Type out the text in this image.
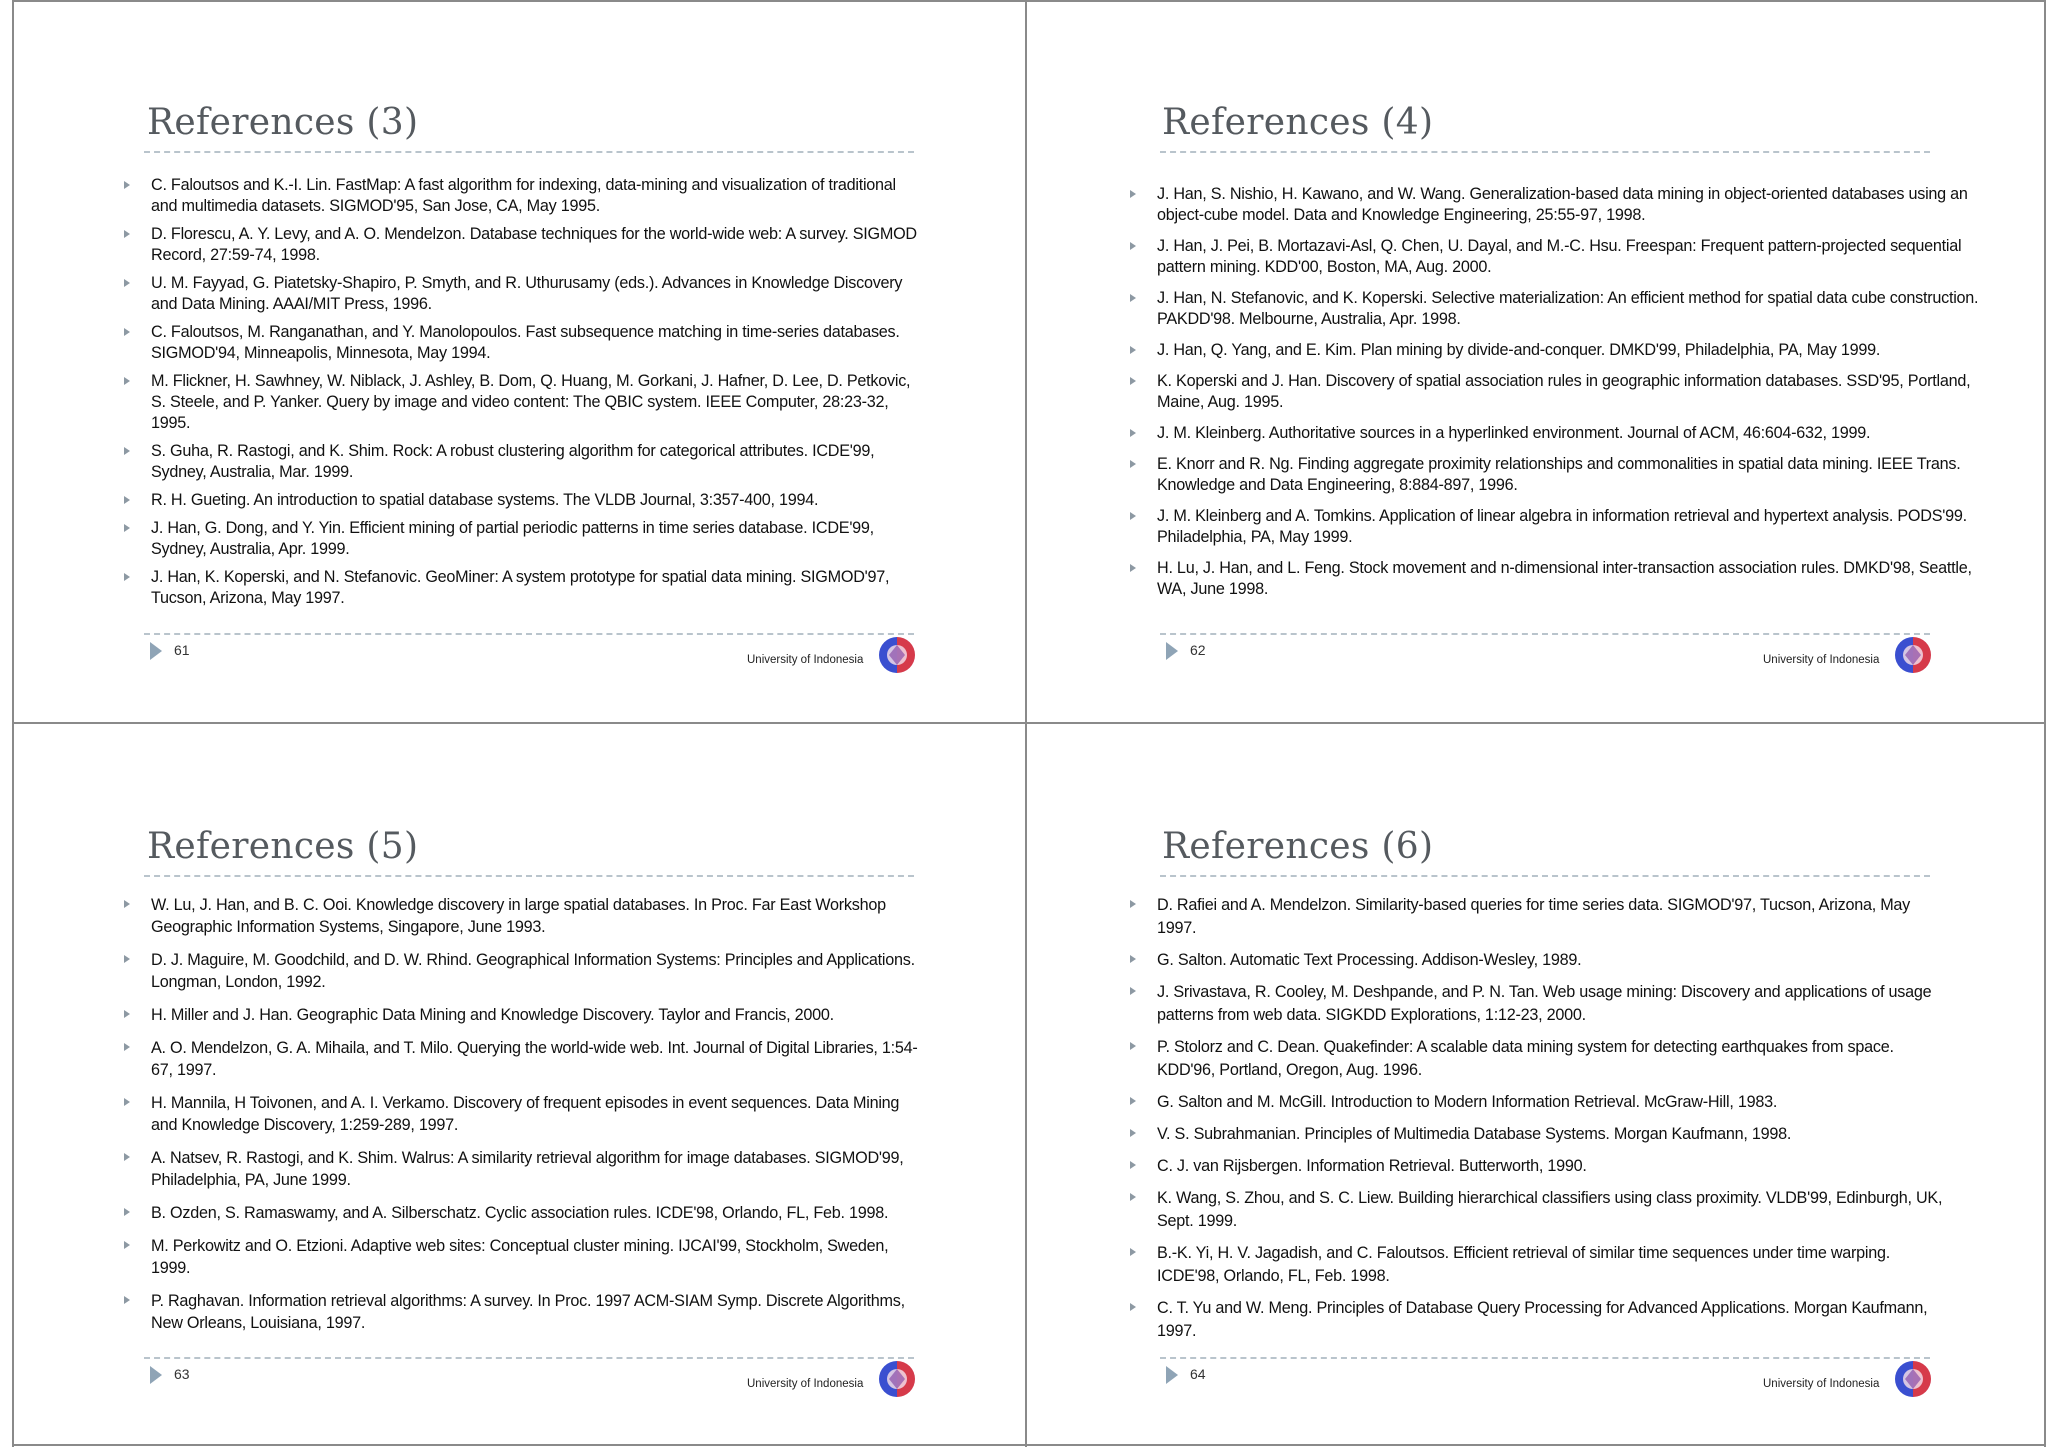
References (3)
C. Faloutsos and K.-I. Lin. FastMap: A fast algorithm for indexing, data-mining and visualization of traditional and multimedia datasets. SIGMOD'95, San Jose, CA, May 1995.
D. Florescu, A. Y. Levy, and A. O. Mendelzon. Database techniques for the world-wide web: A survey. SIGMOD Record, 27:59-74, 1998.
U. M. Fayyad, G. Piatetsky-Shapiro, P. Smyth, and R. Uthurusamy (eds.). Advances in Knowledge Discovery and Data Mining. AAAI/MIT Press, 1996.
C. Faloutsos, M. Ranganathan, and Y. Manolopoulos. Fast subsequence matching in time-series databases. SIGMOD'94, Minneapolis, Minnesota, May 1994.
M. Flickner, H. Sawhney, W. Niblack, J. Ashley, B. Dom, Q. Huang, M. Gorkani, J. Hafner, D. Lee, D. Petkovic, S. Steele, and P. Yanker. Query by image and video content: The QBIC system. IEEE Computer, 28:23-32, 1995.
S. Guha, R. Rastogi, and K. Shim. Rock: A robust clustering algorithm for categorical attributes. ICDE'99, Sydney, Australia, Mar. 1999.
R. H. Gueting. An introduction to spatial database systems. The VLDB Journal, 3:357-400, 1994.
J. Han, G. Dong, and Y. Yin. Efficient mining of partial periodic patterns in time series database. ICDE'99, Sydney, Australia, Apr. 1999.
J. Han, K. Koperski, and N. Stefanovic. GeoMiner: A system prototype for spatial data mining. SIGMOD'97, Tucson, Arizona, May 1997.
61
University of Indonesia
References (4)
J. Han, S. Nishio, H. Kawano, and W. Wang. Generalization-based data mining in object-oriented databases using an object-cube model. Data and Knowledge Engineering, 25:55-97, 1998.
J. Han, J. Pei, B. Mortazavi-Asl, Q. Chen, U. Dayal, and M.-C. Hsu. Freespan: Frequent pattern-projected sequential pattern mining. KDD'00, Boston, MA, Aug. 2000.
J. Han, N. Stefanovic, and K. Koperski. Selective materialization: An efficient method for spatial data cube construction. PAKDD'98. Melbourne, Australia, Apr. 1998.
J. Han, Q. Yang, and E. Kim. Plan mining by divide-and-conquer. DMKD'99, Philadelphia, PA, May 1999.
K. Koperski and J. Han. Discovery of spatial association rules in geographic information databases. SSD'95, Portland, Maine, Aug. 1995.
J. M. Kleinberg. Authoritative sources in a hyperlinked environment. Journal of ACM, 46:604-632, 1999.
E. Knorr and R. Ng. Finding aggregate proximity relationships and commonalities in spatial data mining. IEEE Trans. Knowledge and Data Engineering, 8:884-897, 1996.
J. M. Kleinberg and A. Tomkins. Application of linear algebra in information retrieval and hypertext analysis. PODS'99. Philadelphia, PA, May 1999.
H. Lu, J. Han, and L. Feng. Stock movement and n-dimensional inter-transaction association rules. DMKD'98, Seattle, WA, June 1998.
62
University of Indonesia
References (5)
W. Lu, J. Han, and B. C. Ooi. Knowledge discovery in large spatial databases. In Proc. Far East Workshop Geographic Information Systems, Singapore, June 1993.
D. J. Maguire, M. Goodchild, and D. W. Rhind. Geographical Information Systems: Principles and Applications. Longman, London, 1992.
H. Miller and J. Han. Geographic Data Mining and Knowledge Discovery. Taylor and Francis, 2000.
A. O. Mendelzon, G. A. Mihaila, and T. Milo. Querying the world-wide web. Int. Journal of Digital Libraries, 1:54-67, 1997.
H. Mannila, H Toivonen, and A. I. Verkamo. Discovery of frequent episodes in event sequences. Data Mining and Knowledge Discovery, 1:259-289, 1997.
A. Natsev, R. Rastogi, and K. Shim. Walrus: A similarity retrieval algorithm for image databases. SIGMOD'99, Philadelphia, PA, June 1999.
B. Ozden, S. Ramaswamy, and A. Silberschatz. Cyclic association rules. ICDE'98, Orlando, FL, Feb. 1998.
M. Perkowitz and O. Etzioni. Adaptive web sites: Conceptual cluster mining. IJCAI'99, Stockholm, Sweden, 1999.
P. Raghavan. Information retrieval algorithms: A survey. In Proc. 1997 ACM-SIAM Symp. Discrete Algorithms, New Orleans, Louisiana, 1997.
63
University of Indonesia
References (6)
D. Rafiei and A. Mendelzon. Similarity-based queries for time series data. SIGMOD'97, Tucson, Arizona, May 1997.
G. Salton. Automatic Text Processing. Addison-Wesley, 1989.
J. Srivastava, R. Cooley, M. Deshpande, and P. N. Tan. Web usage mining: Discovery and applications of usage patterns from web data. SIGKDD Explorations, 1:12-23, 2000.
P. Stolorz and C. Dean. Quakefinder: A scalable data mining system for detecting earthquakes from space. KDD'96, Portland, Oregon, Aug. 1996.
G. Salton and M. McGill. Introduction to Modern Information Retrieval. McGraw-Hill, 1983.
V. S. Subrahmanian. Principles of Multimedia Database Systems. Morgan Kaufmann, 1998.
C. J. van Rijsbergen. Information Retrieval. Butterworth, 1990.
K. Wang, S. Zhou, and S. C. Liew. Building hierarchical classifiers using class proximity. VLDB'99, Edinburgh, UK, Sept. 1999.
B.-K. Yi, H. V. Jagadish, and C. Faloutsos. Efficient retrieval of similar time sequences under time warping. ICDE'98, Orlando, FL, Feb. 1998.
C. T. Yu and W. Meng. Principles of Database Query Processing for Advanced Applications. Morgan Kaufmann, 1997.
64
University of Indonesia
